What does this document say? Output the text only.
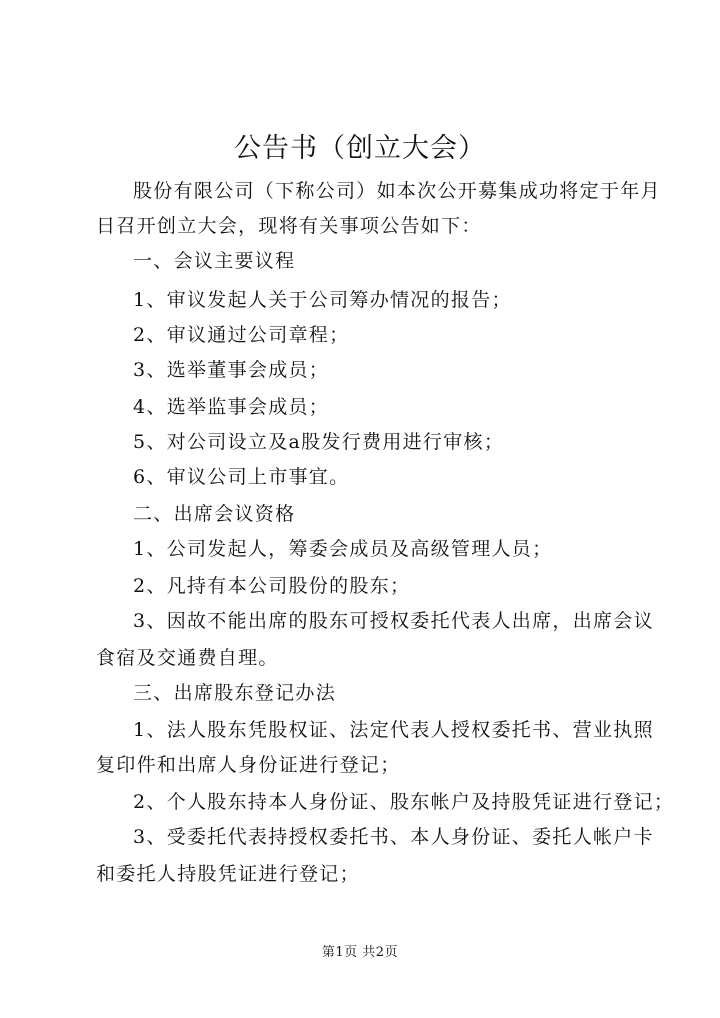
公告书（创立大会）
股份有限公司（下称公司）如本次公开募集成功将定于年月
日召开创立大会，现将有关事项公告如下：
一、会议主要议程
1、审议发起人关于公司筹办情况的报告；
2、审议通过公司章程；
3、选举董事会成员；
4、选举监事会成员；
5、对公司设立及a股发行费用进行审核；
6、审议公司上市事宜。
二、出席会议资格
1、公司发起人，筹委会成员及高级管理人员；
2、凡持有本公司股份的股东；
3、因故不能出席的股东可授权委托代表人出席，出席会议
食宿及交通费自理。
三、出席股东登记办法
1、法人股东凭股权证、法定代表人授权委托书、营业执照
复印件和出席人身份证进行登记；
2、个人股东持本人身份证、股东帐户及持股凭证进行登记；
3、受委托代表持授权委托书、本人身份证、委托人帐户卡
和委托人持股凭证进行登记；
第1页 共2页
